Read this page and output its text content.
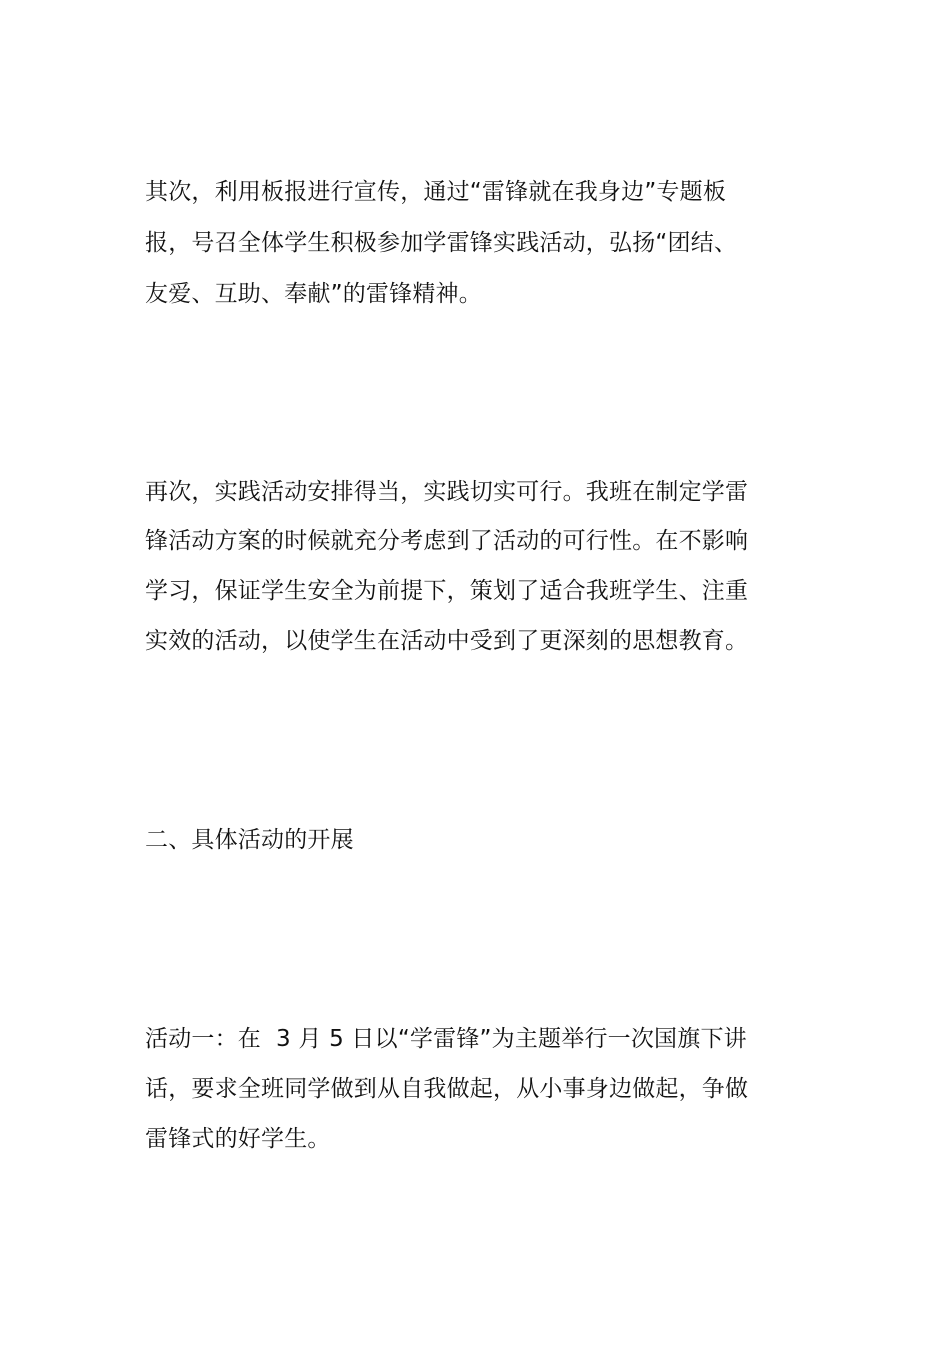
其次，利用板报进行宣传，通过“雷锋就在我身边”专题板
报，号召全体学生积极参加学雷锋实践活动，弘扬“团结、
友爱、互助、奉献”的雷锋精神。
再次，实践活动安排得当，实践切实可行。我班在制定学雷
锋活动方案的时候就充分考虑到了活动的可行性。在不影响
学习，保证学生安全为前提下，策划了适合我班学生、注重
实效的活动，以使学生在活动中受到了更深刻的思想教育。
二、具体活动的开展
活动一：在  3 月 5 日以“学雷锋”为主题举行一次国旗下讲
话，要求全班同学做到从自我做起，从小事身边做起，争做
雷锋式的好学生。
